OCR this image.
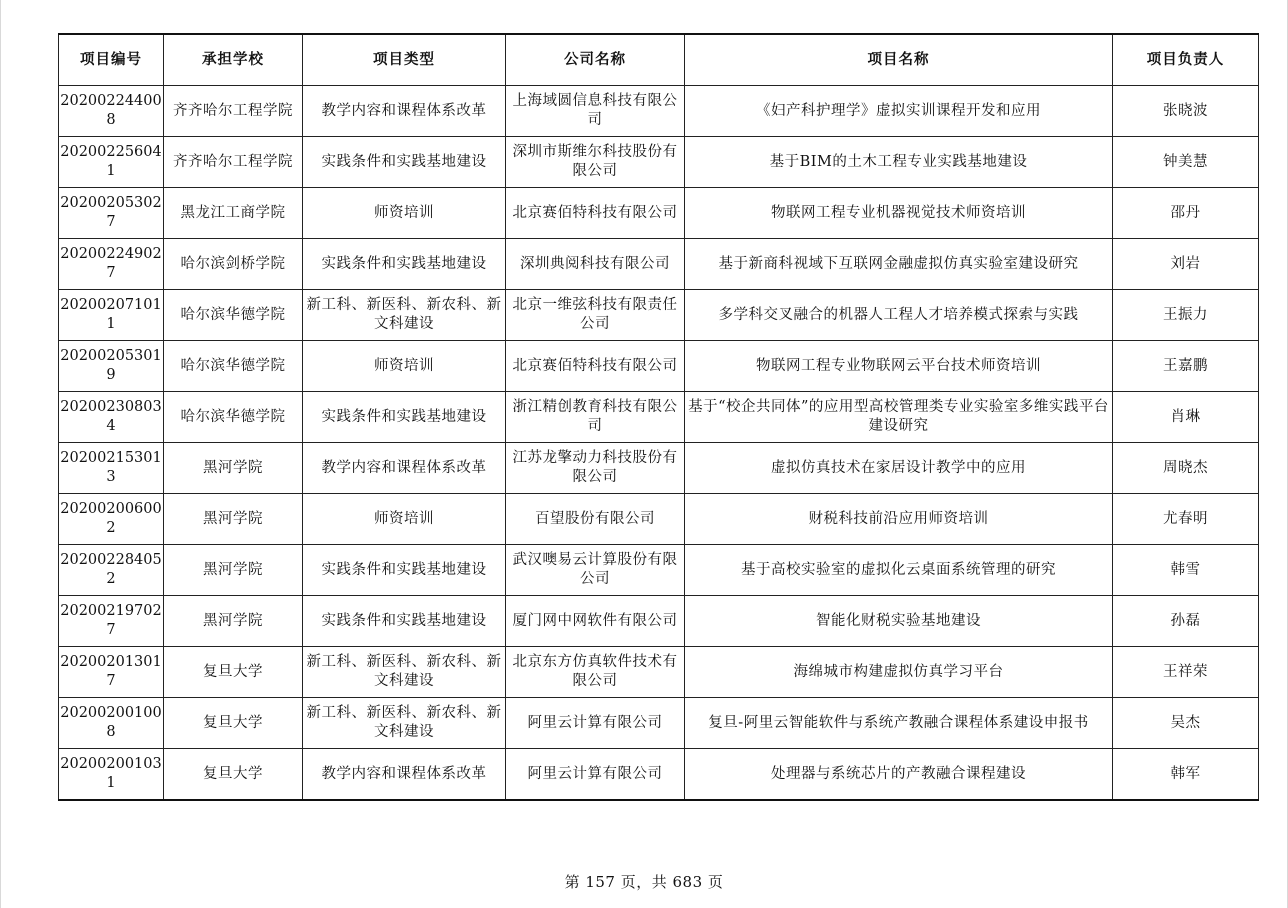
项目编号	承担学校	项目类型	公司名称	项目名称	项目负责人
202002244008	齐齐哈尔工程学院	教学内容和课程体系改革	上海域圆信息科技有限公司	《妇产科护理学》虚拟实训课程开发和应用	张晓波
202002256041	齐齐哈尔工程学院	实践条件和实践基地建设	深圳市斯维尔科技股份有限公司	基于BIM的土木工程专业实践基地建设	钟美慧
202002053027	黑龙江工商学院	师资培训	北京赛佰特科技有限公司	物联网工程专业机器视觉技术师资培训	邵丹
202002249027	哈尔滨剑桥学院	实践条件和实践基地建设	深圳典阅科技有限公司	基于新商科视域下互联网金融虚拟仿真实验室建设研究	刘岩
202002071011	哈尔滨华德学院	新工科、新医科、新农科、新文科建设	北京一维弦科技有限责任公司	多学科交叉融合的机器人工程人才培养模式探索与实践	王振力
202002053019	哈尔滨华德学院	师资培训	北京赛佰特科技有限公司	物联网工程专业物联网云平台技术师资培训	王嘉鹏
202002308034	哈尔滨华德学院	实践条件和实践基地建设	浙江精创教育科技有限公司	基于“校企共同体”的应用型高校管理类专业实验室多维实践平台建设研究	肖琳
202002153013	黑河学院	教学内容和课程体系改革	江苏龙擎动力科技股份有限公司	虚拟仿真技术在家居设计教学中的应用	周晓杰
202002006002	黑河学院	师资培训	百望股份有限公司	财税科技前沿应用师资培训	尤春明
202002284052	黑河学院	实践条件和实践基地建设	武汉噢易云计算股份有限公司	基于高校实验室的虚拟化云桌面系统管理的研究	韩雪
202002197027	黑河学院	实践条件和实践基地建设	厦门网中网软件有限公司	智能化财税实验基地建设	孙磊
202002013017	复旦大学	新工科、新医科、新农科、新文科建设	北京东方仿真软件技术有限公司	海绵城市构建虚拟仿真学习平台	王祥荣
202002001008	复旦大学	新工科、新医科、新农科、新文科建设	阿里云计算有限公司	复旦-阿里云智能软件与系统产教融合课程体系建设申报书	吴杰
202002001031	复旦大学	教学内容和课程体系改革	阿里云计算有限公司	处理器与系统芯片的产教融合课程建设	韩军
第 157 页，共 683 页
